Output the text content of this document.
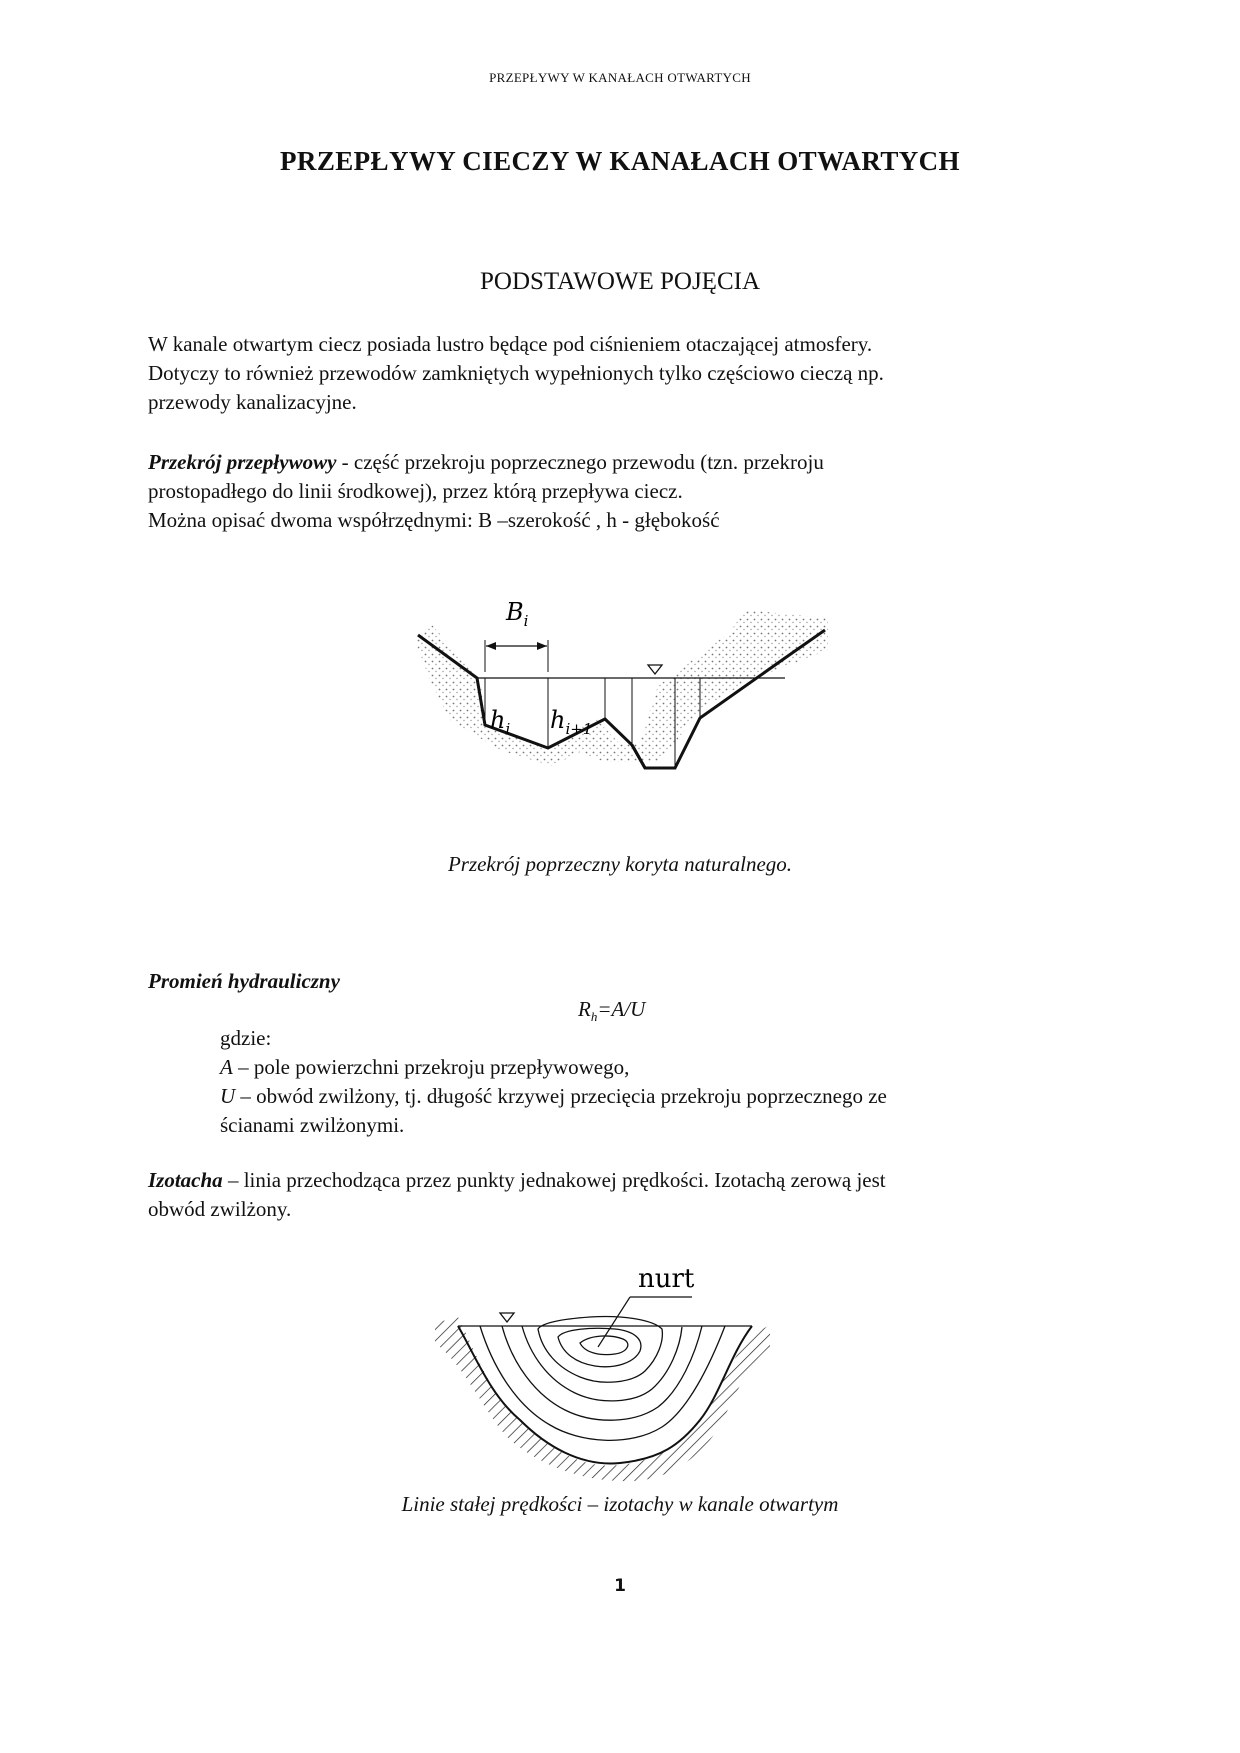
PRZEPŁYWY W KANAŁACH OTWARTYCH
PRZEPŁYWY CIECZY W KANAŁACH OTWARTYCH
PODSTAWOWE POJĘCIA
W kanale otwartym ciecz posiada lustro będące pod ciśnieniem otaczającej atmosfery.
Dotyczy to również przewodów zamkniętych wypełnionych tylko częściowo cieczą np.
przewody kanalizacyjne.
Przekrój przepływowy - część przekroju poprzecznego przewodu (tzn. przekroju
prostopadłego do linii środkowej), przez którą przepływa ciecz.
Można opisać dwoma współrzędnymi: B –szerokość , h - głębokość
$B_i$
$h_i$ $h_{i+1}$
Przekrój poprzeczny koryta naturalnego.
Promień hydrauliczny
$R_h=A/U$
gdzie:
A – pole powierzchni przekroju przepływowego,
U – obwód zwilżony, tj. długość krzywej przecięcia przekroju poprzecznego ze
ścianami zwilżonymi.
Izotacha – linia przechodząca przez punkty jednakowej prędkości. Izotachą zerową jest
obwód zwilżony.
nurt
Linie stałej prędkości – izotachy w kanale otwartym
1
